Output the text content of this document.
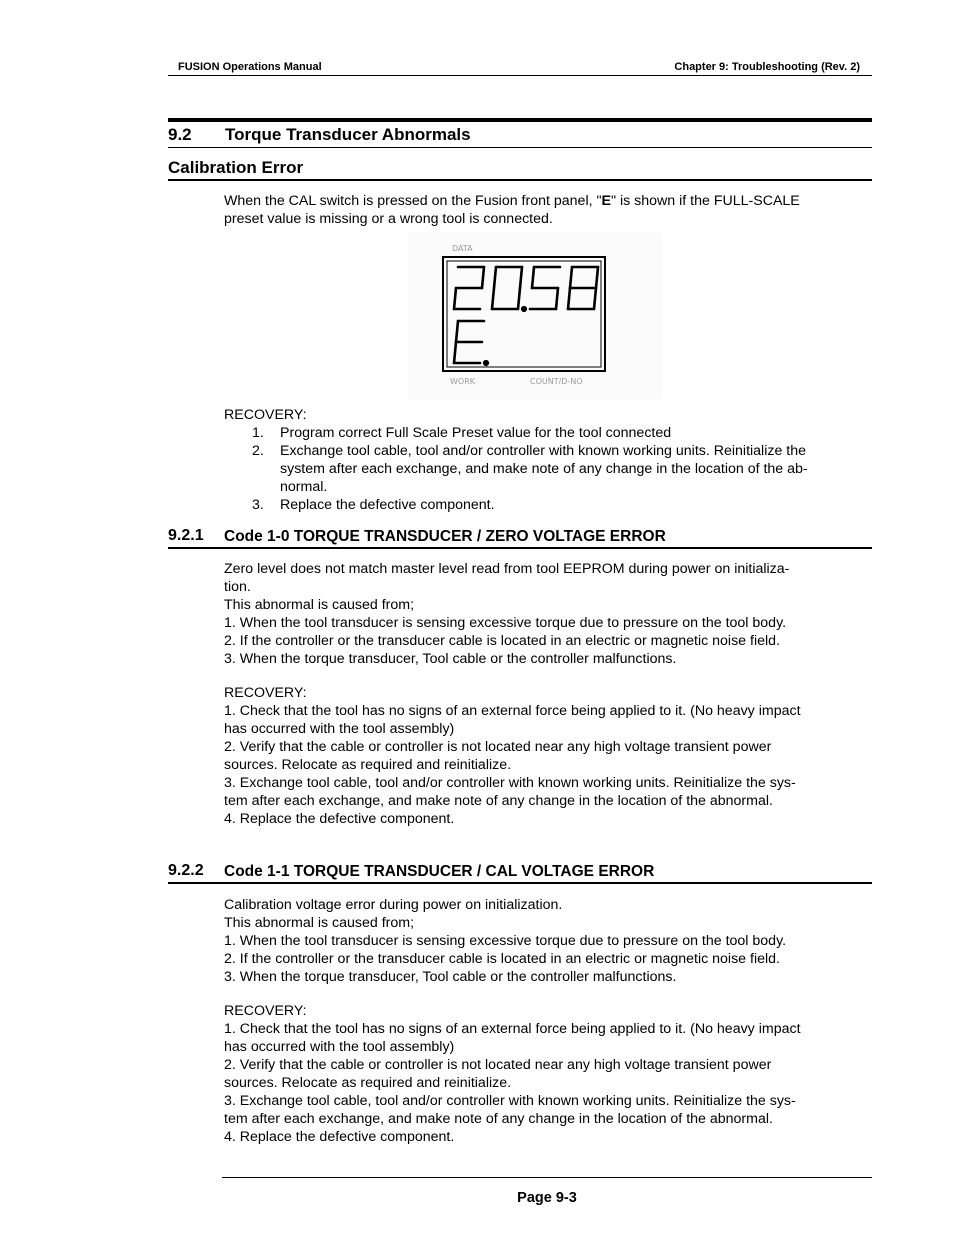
FUSION Operations Manual	Chapter 9: Troubleshooting (Rev. 2)
9.2 Torque Transducer Abnormals
Calibration Error

When the CAL switch is pressed on the Fusion front panel, "E" is shown if the FULL-SCALE

preset value is missing or a wrong tool is connected.

DATA
WORK	COUNT/D-NO

RECOVERY:

1. Program correct Full Scale Preset value for the tool connected
2. Exchange tool cable, tool and/or controller with known working units. Reinitialize the
system after each exchange, and make note of any change in the location of the ab-
normal.
3. Replace the defective component.
9.2.1 Code 1-0 TORQUE TRANSDUCER / ZERO VOLTAGE ERROR

Zero level does not match master level read from tool EEPROM during power on initializa-

tion.

This abnormal is caused from;

1. When the tool transducer is sensing excessive torque due to pressure on the tool body.

2. If the controller or the transducer cable is located in an electric or magnetic noise field.

3. When the torque transducer, Tool cable or the controller malfunctions.

RECOVERY:

1. Check that the tool has no signs of an external force being applied to it. (No heavy impact

has occurred with the tool assembly)

2. Verify that the cable or controller is not located near any high voltage transient power

sources. Relocate as required and reinitialize.

3. Exchange tool cable, tool and/or controller with known working units. Reinitialize the sys-

tem after each exchange, and make note of any change in the location of the abnormal.

4. Replace the defective component.

9.2.2 Code 1-1 TORQUE TRANSDUCER / CAL VOLTAGE ERROR

Calibration voltage error during power on initialization.

This abnormal is caused from;

1. When the tool transducer is sensing excessive torque due to pressure on the tool body.

2. If the controller or the transducer cable is located in an electric or magnetic noise field.

3. When the torque transducer, Tool cable or the controller malfunctions.

RECOVERY:

1. Check that the tool has no signs of an external force being applied to it. (No heavy impact

has occurred with the tool assembly)

2. Verify that the cable or controller is not located near any high voltage transient power

sources. Relocate as required and reinitialize.

3. Exchange tool cable, tool and/or controller with known working units. Reinitialize the sys-

tem after each exchange, and make note of any change in the location of the abnormal.

4. Replace the defective component.

Page 9-3
